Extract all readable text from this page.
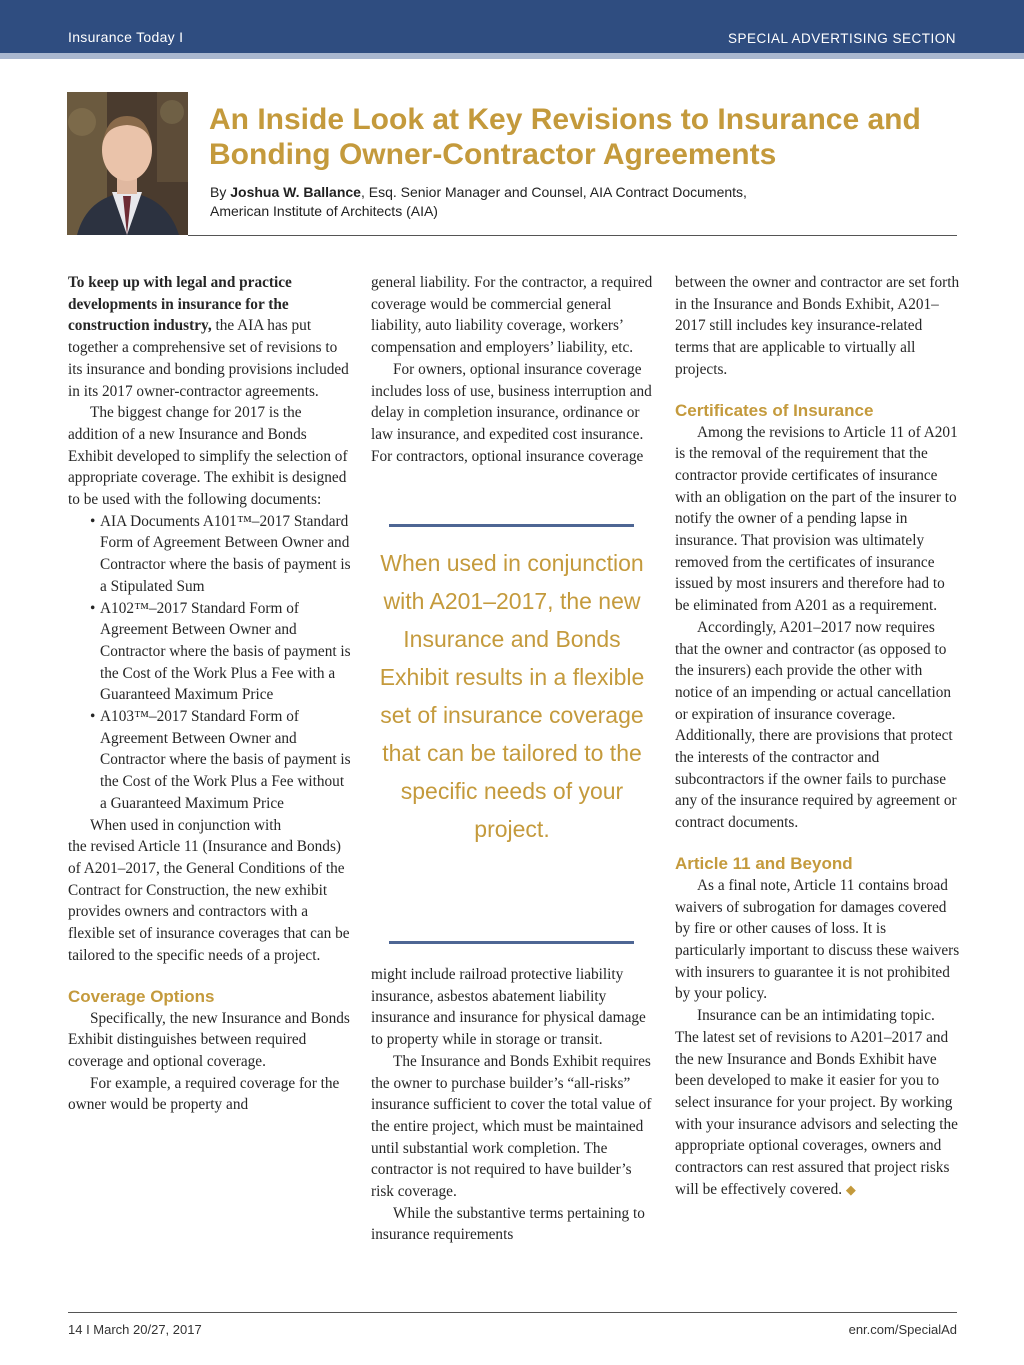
Insurance Today I	SPECIAL ADVERTISING SECTION
An Inside Look at Key Revisions to Insurance and Bonding Owner-Contractor Agreements
By Joshua W. Ballance, Esq. Senior Manager and Counsel, AIA Contract Documents,
American Institute of Architects (AIA)

To keep up with legal and practice developments in insurance for the construction industry, the AIA has put together a comprehensive set of revisions to its insurance and bonding provisions included in its 2017 owner-contractor agreements.

The biggest change for 2017 is the addition of a new Insurance and Bonds Exhibit developed to simplify the selection of appropriate coverage. The exhibit is designed to be used with the following documents:

• AIA Documents A101™–2017 Standard Form of Agreement Between Owner and Contractor where the basis of payment is a Stipulated Sum
• A102™–2017 Standard Form of Agreement Between Owner and Contractor where the basis of payment is the Cost of the Work Plus a Fee with a Guaranteed Maximum Price
• A103™–2017 Standard Form of Agreement Between Owner and Contractor where the basis of payment is the Cost of the Work Plus a Fee without a Guaranteed Maximum Price

When used in conjunction with
the revised Article 11 (Insurance and Bonds) of A201–2017, the General Conditions of the Contract for Construction, the new exhibit provides owners and contractors with a flexible set of insurance coverages that can be tailored to the specific needs of a project.

Coverage Options

Specifically, the new Insurance and Bonds Exhibit distinguishes between required coverage and optional coverage.

For example, a required coverage for the owner would be property and

general liability. For the contractor, a required coverage would be commercial general liability, auto liability coverage, workers’ compensation and employers’ liability, etc.

For owners, optional insurance coverage includes loss of use, business interruption and delay in completion insurance, ordinance or law insurance, and expedited cost insurance. For contractors, optional insurance coverage

When used in conjunction with A201–2017, the new Insurance and Bonds Exhibit results in a flexible set of insurance coverage that can be tailored to the specific needs of your project.

might include railroad protective liability insurance, asbestos abatement liability insurance and insurance for physical damage to property while in storage or transit.

The Insurance and Bonds Exhibit requires the owner to purchase builder’s “all-risks” insurance sufficient to cover the total value of the entire project, which must be maintained until substantial work completion. The contractor is not required to have builder’s risk coverage.

While the substantive terms pertaining to insurance requirements

between the owner and contractor are set forth in the Insurance and Bonds Exhibit, A201–2017 still includes key insurance-related terms that are applicable to virtually all projects.

Certificates of Insurance

Among the revisions to Article 11 of A201 is the removal of the requirement that the contractor provide certificates of insurance with an obligation on the part of the insurer to notify the owner of a pending lapse in insurance. That provision was ultimately removed from the certificates of insurance issued by most insurers and therefore had to be eliminated from A201 as a requirement.

Accordingly, A201–2017 now requires that the owner and contractor (as opposed to the insurers) each provide the other with notice of an impending or actual cancellation or expiration of insurance coverage. Additionally, there are provisions that protect the interests of the contractor and subcontractors if the owner fails to purchase any of the insurance required by agreement or contract documents.

Article 11 and Beyond

As a final note, Article 11 contains broad waivers of subrogation for damages covered by fire or other causes of loss. It is particularly important to discuss these waivers with insurers to guarantee it is not prohibited by your policy.

Insurance can be an intimidating topic. The latest set of revisions to A201–2017 and the new Insurance and Bonds Exhibit have been developed to make it easier for you to select insurance for your project. By working with your insurance advisors and selecting the appropriate optional coverages, owners and contractors can rest assured that project risks will be effectively covered. ◆

14 I March 20/27, 2017	enr.com/SpecialAd
